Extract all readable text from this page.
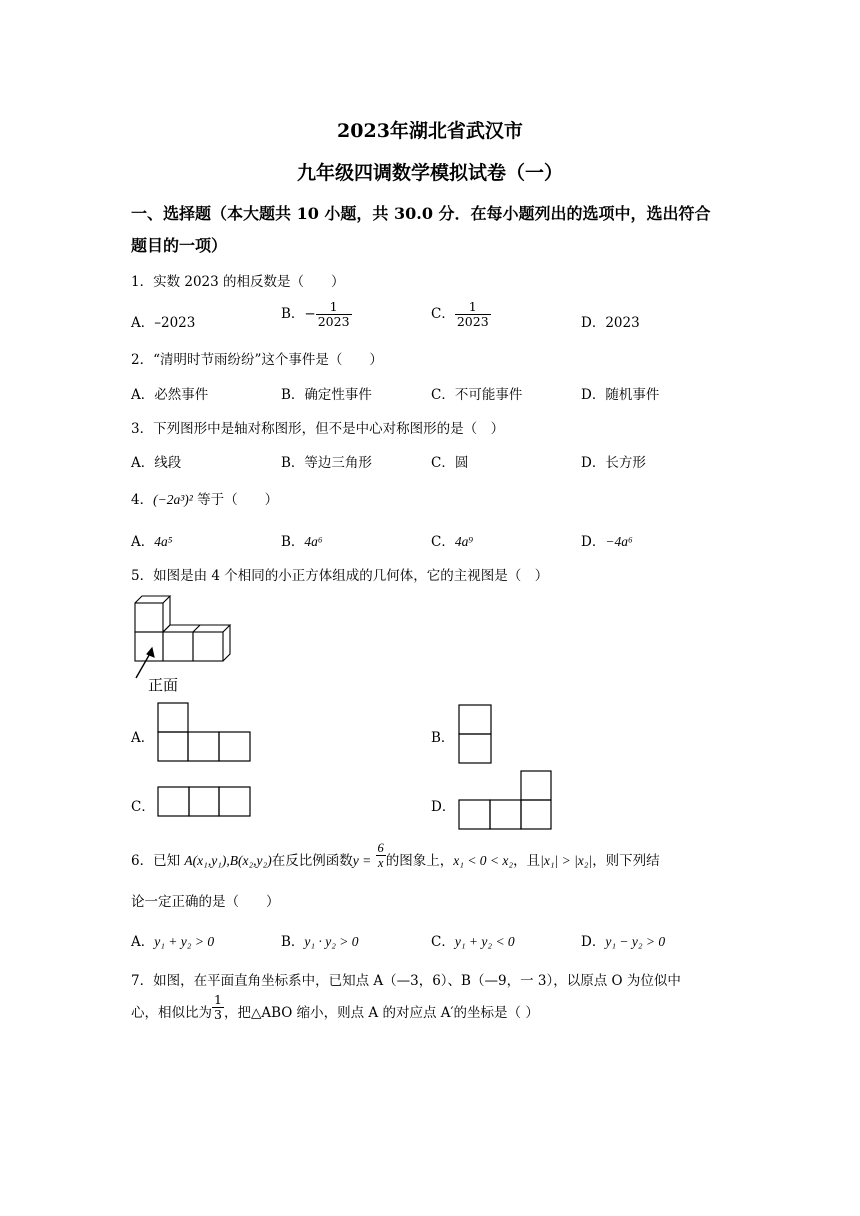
2023年湖北省武汉市
九年级四调数学模拟试卷（一）
一、选择题（本大题共 10 小题，共 30.0 分．在每小题列出的选项中，选出符合
题目的一项）
1．实数 2023 的相反数是（　　）
A．–2023
B．− $\frac{1}{2023}$	C． $\frac{1}{2023}$	D．2023
2．“清明时节雨纷纷”这个事件是（　　）
A．必然事件	B．确定性事件	C．不可能事件	D．随机事件
3．下列图形中是轴对称图形，但不是中心对称图形的是（　）
A．线段	B．等边三角形	C．圆	D．长方形
4．(−2a³)² 等于（　　）
A．4a⁵	B．4a⁶	C．4a⁹	D．−4a⁶
5．如图是由 4 个相同的小正方体组成的几何体，它的主视图是（　）
正面
A．	B．
C．	D．
6．已知 A(x₁,y₁),B(x₂,y₂)在反比例函数$y = \frac{6}{x}$ 的图象上，x₁ < 0 < x₂，且|x₁| > |x₂|，则下列结
论一定正确的是（　　）
A．y₁ + y₂ > 0	B．y₁ · y₂ > 0	C．y₁ + y₂ < 0	D．y₁ − y₂ > 0
7．如图，在平面直角坐标系中，已知点 A（—3，6）、B（—9，一 3），以原点 O 为位似中
心，相似比为 $\frac{1}{3}$ ，把△ABO 缩小，则点 A 的对应点 A′的坐标是（ ）
